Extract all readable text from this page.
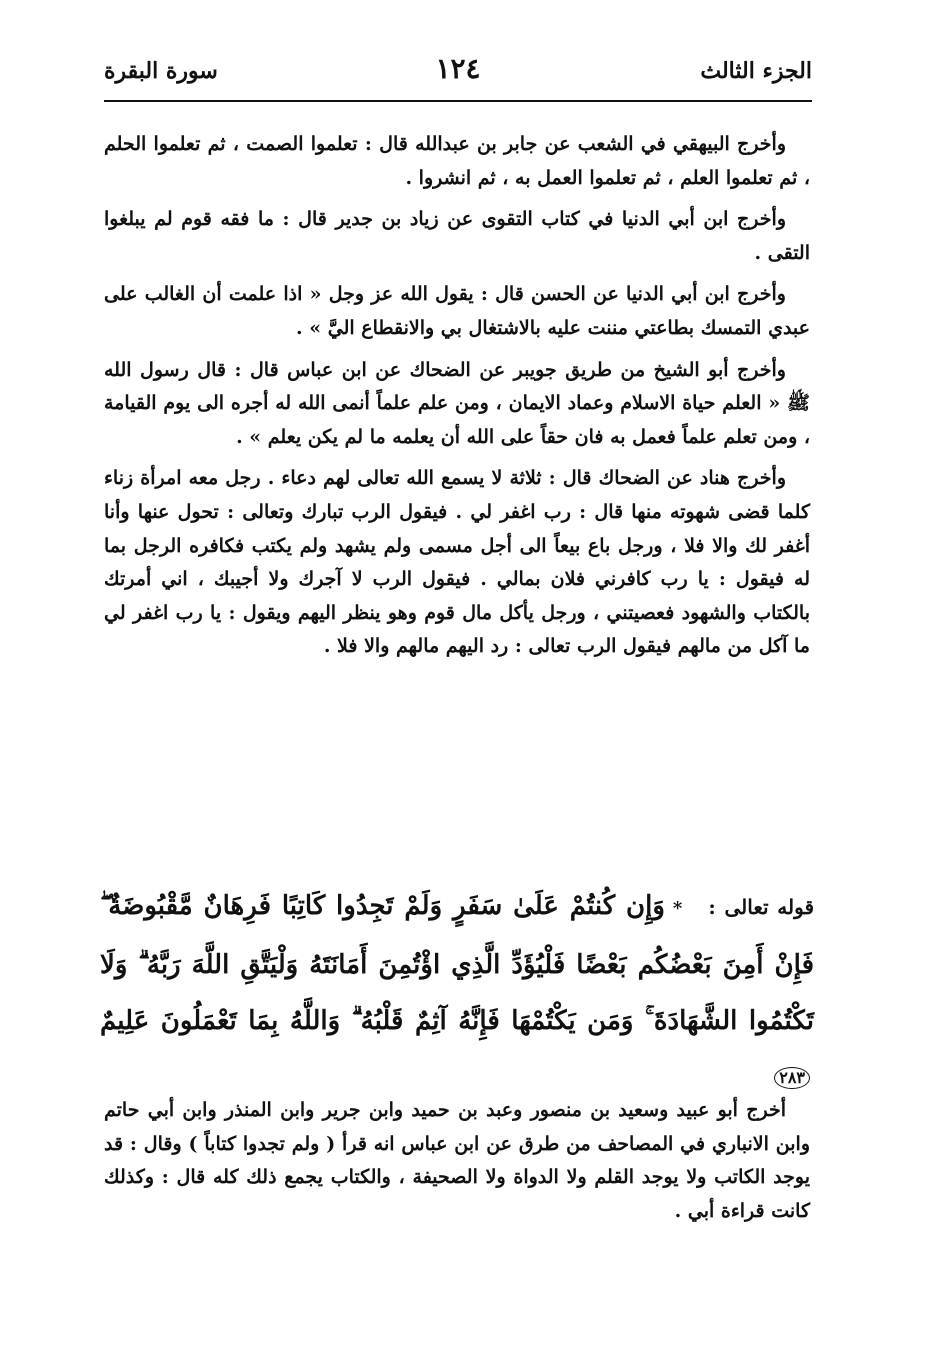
الجزء الثالث
١٢٤
سورة البقرة

وأخرج البيهقي في الشعب عن جابر بن عبدالله قال : تعلموا الصمت ، ثم تعلموا الحلم ، ثم تعلموا العلم ، ثم تعلموا العمل به ، ثم انشروا .

وأخرج ابن أبي الدنيا في كتاب التقوى عن زياد بن جدير قال : ما فقه قوم لم يبلغوا التقى .

وأخرج ابن أبي الدنيا عن الحسن قال : يقول الله عز وجل « اذا علمت أن الغالب على عبدي التمسك بطاعتي مننت عليه بالاشتغال بي والانقطاع اليَّ » .

وأخرج أبو الشيخ من طريق جويبر عن الضحاك عن ابن عباس قال : قال رسول الله ﷺ « العلم حياة الاسلام وعماد الايمان ، ومن علم علماً أنمى الله له أجره الى يوم القيامة ، ومن تعلم علماً فعمل به فان حقاً على الله أن يعلمه ما لم يكن يعلم » .

وأخرج هناد عن الضحاك قال : ثلاثة لا يسمع الله تعالى لهم دعاء . رجل معه امرأة زناء كلما قضى شهوته منها قال : رب اغفر لي . فيقول الرب تبارك وتعالى : تحول عنها وأنا أغفر لك والا فلا ، ورجل باع بيعاً الى أجل مسمى ولم يشهد ولم يكتب فكافره الرجل بما له فيقول : يا رب كافرني فلان بمالي . فيقول الرب لا آجرك ولا أجيبك ، اني أمرتك بالكتاب والشهود فعصيتني ، ورجل يأكل مال قوم وهو ينظر اليهم ويقول : يا رب اغفر لي ما آكل من مالهم فيقول الرب تعالى : رد اليهم مالهم والا فلا .

قوله تعالى :*وَإِن كُنتُمْ عَلَىٰ سَفَرٍ وَلَمْ تَجِدُوا كَاتِبًا فَرِهَانٌ مَّقْبُوضَةٌ ۖ فَإِنْ أَمِنَ بَعْضُكُم بَعْضًا فَلْيُؤَدِّ الَّذِي اؤْتُمِنَ أَمَانَتَهُ وَلْيَتَّقِ اللَّهَ رَبَّهُ ۗ وَلَا تَكْتُمُوا الشَّهَادَةَ ۚ وَمَن يَكْتُمْهَا فَإِنَّهُ آثِمٌ قَلْبُهُ ۗ وَاللَّهُ بِمَا تَعْمَلُونَ عَلِيمٌ٢٨٣

أخرج أبو عبيد وسعيد بن منصور وعبد بن حميد وابن جرير وابن المنذر وابن أبي حاتم وابن الانباري في المصاحف من طرق عن ابن عباس انه قرأ ( ولم تجدوا كتاباً ) وقال : قد يوجد الكاتب ولا يوجد القلم ولا الدواة ولا الصحيفة ، والكتاب يجمع ذلك كله قال : وكذلك كانت قراءة أبي .
